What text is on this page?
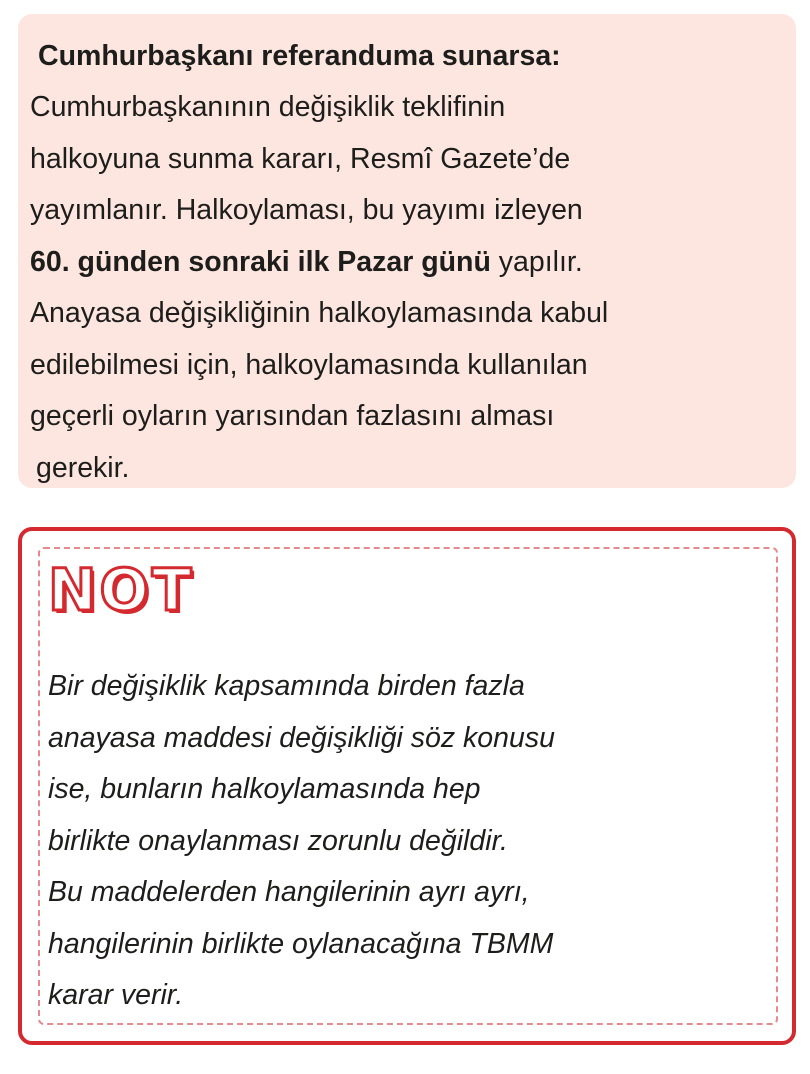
Cumhurbaşkanı referanduma sunarsa:

Cumhurbaşkanının değişiklik teklifinin
halkoyuna sunma kararı, Resmî Gazete’de
yayımlanır. Halkoylaması, bu yayımı izleyen
60. günden sonraki ilk Pazar günü yapılır.
Anayasa değişikliğinin halkoylamasında kabul
edilebilmesi için, halkoylamasında kullanılan
geçerli oyların yarısından fazlasını alması
gerekir.

NOT

Bir değişiklik kapsamında birden fazla
anayasa maddesi değişikliği söz konusu
ise, bunların halkoylamasında hep
birlikte onaylanması zorunlu değildir.
Bu maddelerden hangilerinin ayrı ayrı,
hangilerinin birlikte oylanacağına TBMM
karar verir.
